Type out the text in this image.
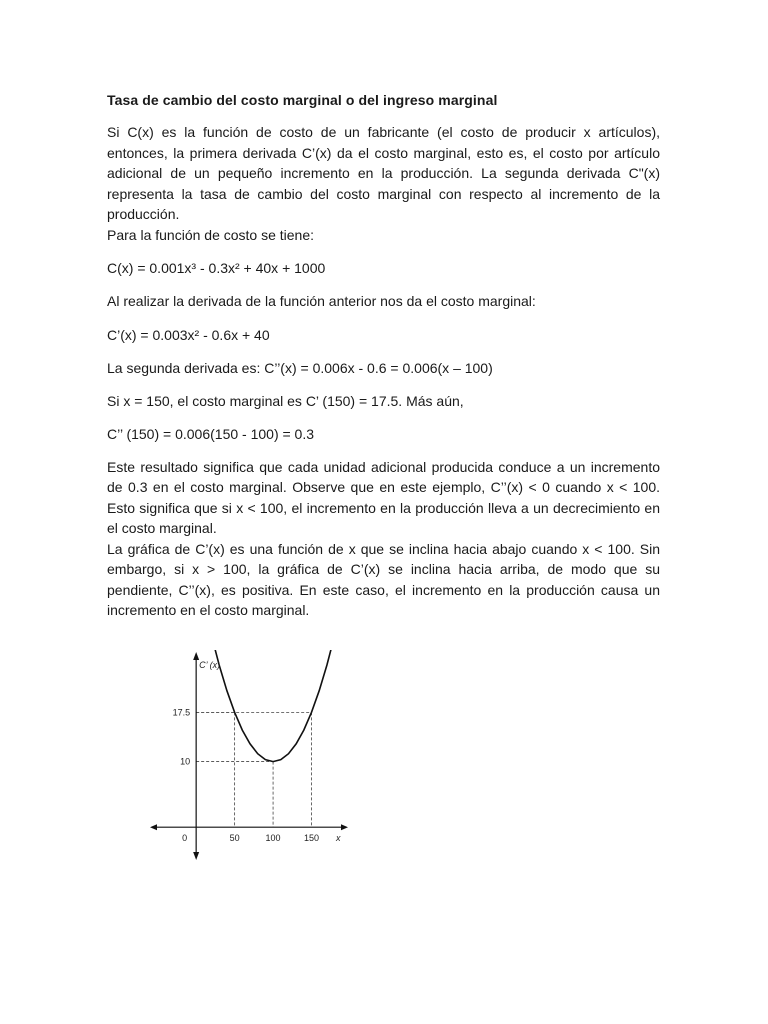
Tasa de cambio del costo marginal o del ingreso marginal

Si C(x) es la función de costo de un fabricante (el costo de producir x artículos), entonces, la primera derivada C’(x) da el costo marginal, esto es, el costo por artículo adicional de un pequeño incremento en la producción. La segunda derivada C"(x) representa la tasa de cambio del costo marginal con respecto al incremento de la producción.

Para la función de costo se tiene:

C(x) = 0.001x³ - 0.3x² + 40x + 1000

Al realizar la derivada de la función anterior nos da el costo marginal:

C’(x) = 0.003x² - 0.6x + 40

La segunda derivada es: C’’(x) = 0.006x - 0.6 = 0.006(x – 100)

Si x = 150, el costo marginal es C’ (150) = 17.5. Más aún,

C’’ (150) = 0.006(150 - 100) = 0.3

Este resultado significa que cada unidad adicional producida conduce a un incremento de 0.3 en el costo marginal. Observe que en este ejemplo, C’’(x) < 0 cuando x < 100. Esto significa que si x < 100, el incremento en la producción lleva a un decrecimiento en el costo marginal.

La gráfica de C’(x) es una función de x que se inclina hacia abajo cuando x < 100. Sin embargo, si x > 100, la gráfica de C’(x) se inclina hacia arriba, de modo que su pendiente, C’’(x), es positiva. En este caso, el incremento en la producción causa un incremento en el costo marginal.

50	100	150
10
17.5
0	x
C’ (x)
